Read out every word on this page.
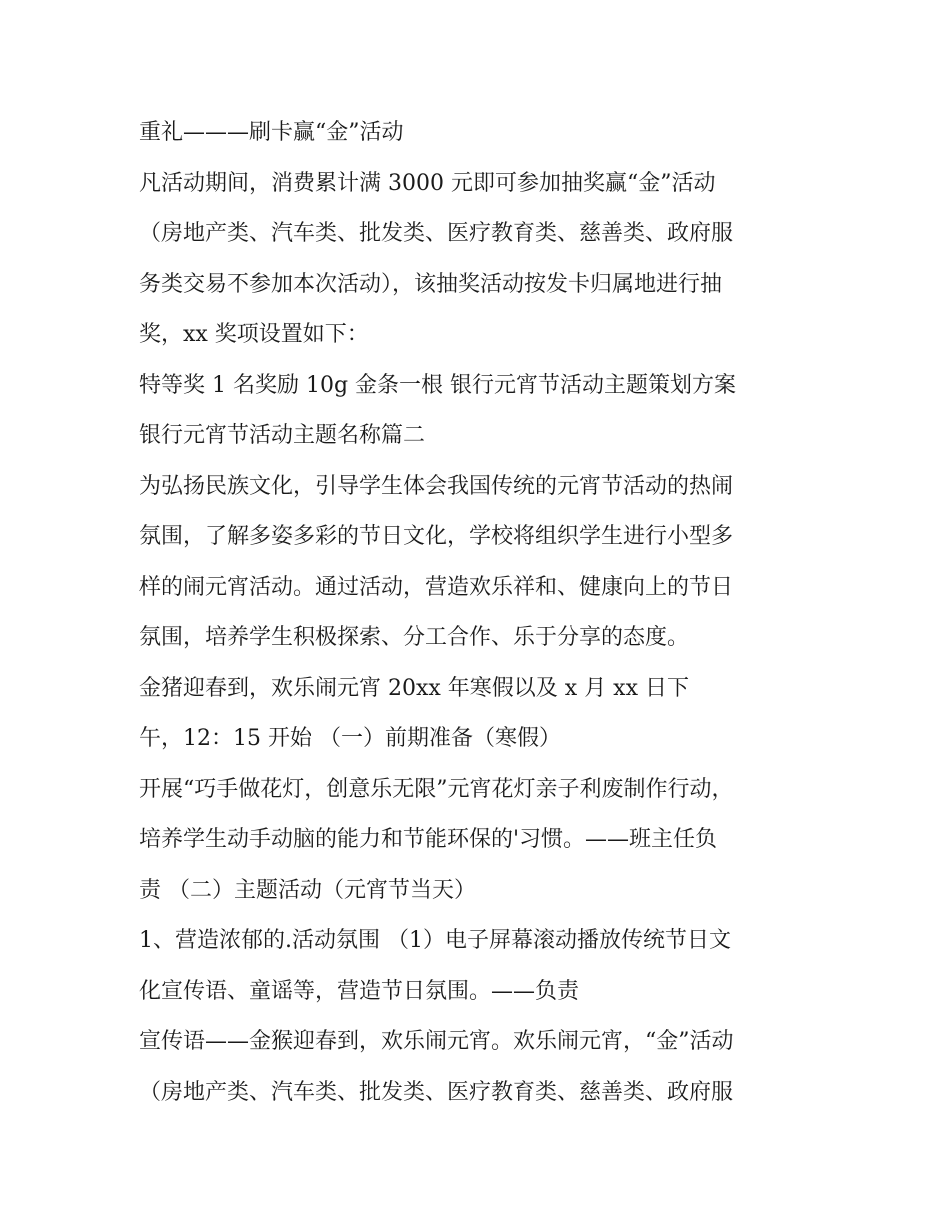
重礼———刷卡赢“金”活动
凡活动期间，消费累计满 3000 元即可参加抽奖赢“金”活动
（房地产类、汽车类、批发类、医疗教育类、慈善类、政府服
务类交易不参加本次活动），该抽奖活动按发卡归属地进行抽
奖，xx 奖项设置如下：
特等奖 1 名奖励 10g 金条一根 银行元宵节活动主题策划方案
银行元宵节活动主题名称篇二
为弘扬民族文化，引导学生体会我国传统的元宵节活动的热闹
氛围，了解多姿多彩的节日文化，学校将组织学生进行小型多
样的闹元宵活动。通过活动，营造欢乐祥和、健康向上的节日
氛围，培养学生积极探索、分工合作、乐于分享的态度。
金猪迎春到，欢乐闹元宵 20xx 年寒假以及 x 月 xx 日下
午，12：15 开始 （一）前期准备（寒假）
开展“巧手做花灯，创意乐无限”元宵花灯亲子利废制作行动，
培养学生动手动脑的能力和节能环保的'习惯。——班主任负
责 （二）主题活动（元宵节当天）
1、营造浓郁的.活动氛围 （1）电子屏幕滚动播放传统节日文
化宣传语、童谣等，营造节日氛围。——负责
宣传语——金猴迎春到，欢乐闹元宵。欢乐闹元宵，“金”活动
（房地产类、汽车类、批发类、医疗教育类、慈善类、政府服
